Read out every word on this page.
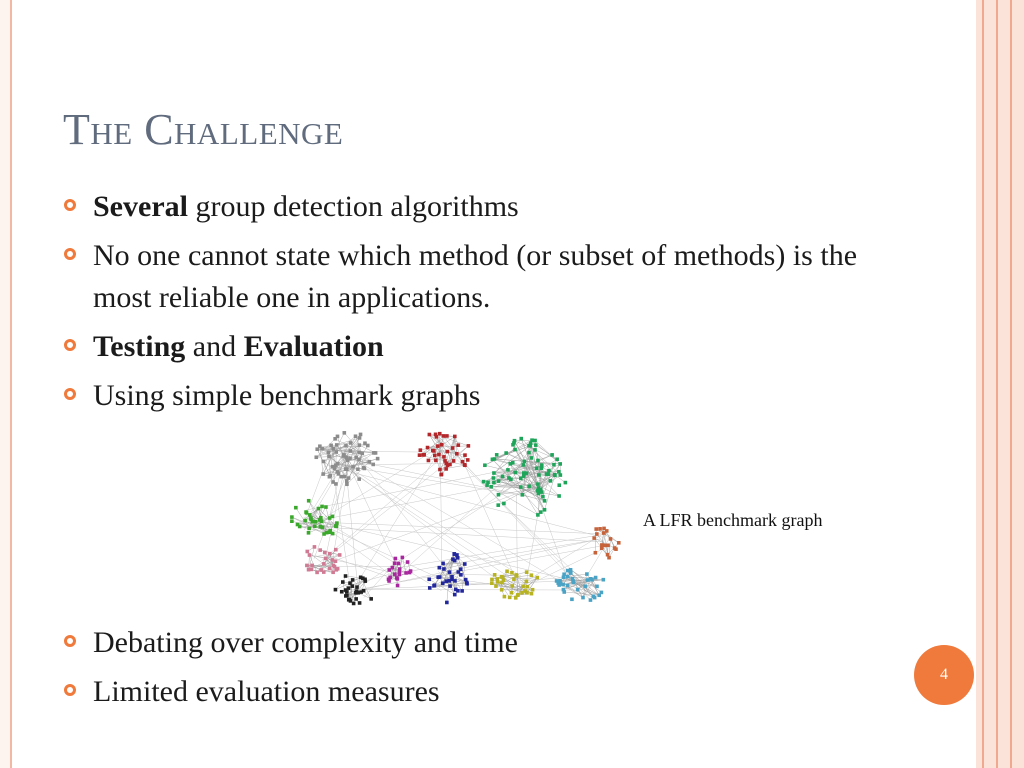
The Challenge
Several group detection algorithms
No one cannot state which method (or subset of methods) is the most reliable one in applications.
Testing and Evaluation
Using simple benchmark graphs
A LFR benchmark graph
Debating over complexity and time
Limited evaluation measures
4
